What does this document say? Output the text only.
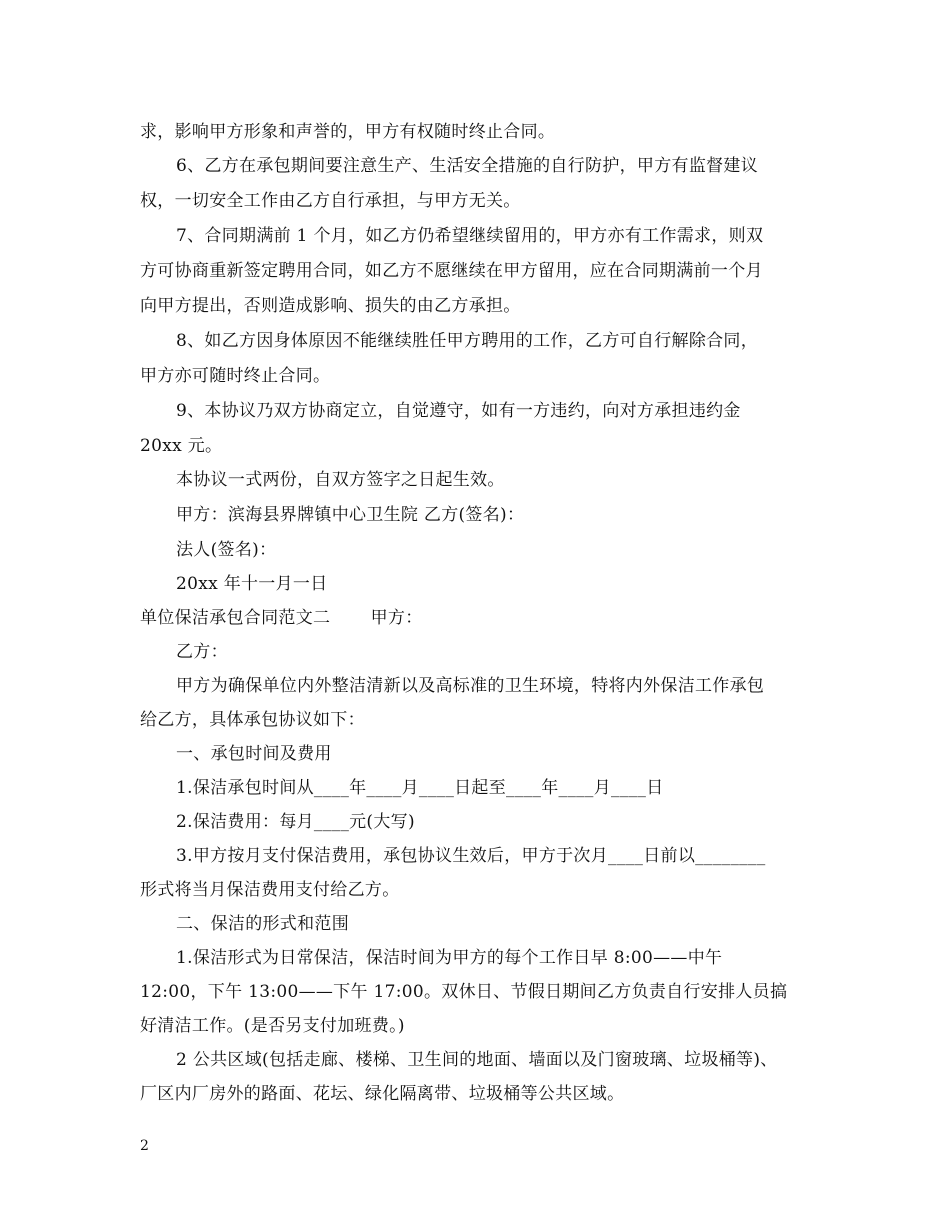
求，影响甲方形象和声誉的，甲方有权随时终止合同。
6、乙方在承包期间要注意生产、生活安全措施的自行防护，甲方有监督建议
权，一切安全工作由乙方自行承担，与甲方无关。
7、合同期满前 1 个月，如乙方仍希望继续留用的，甲方亦有工作需求，则双
方可协商重新签定聘用合同，如乙方不愿继续在甲方留用，应在合同期满前一个月
向甲方提出，否则造成影响、损失的由乙方承担。
8、如乙方因身体原因不能继续胜任甲方聘用的工作，乙方可自行解除合同，
甲方亦可随时终止合同。
9、本协议乃双方协商定立，自觉遵守，如有一方违约，向对方承担违约金
20xx 元。
本协议一式两份，自双方签字之日起生效。
甲方：滨海县界牌镇中心卫生院 乙方(签名)：
法人(签名)：
20xx 年十一月一日
单位保洁承包合同范文二　　 甲方：
乙方：
甲方为确保单位内外整洁清新以及高标准的卫生环境，特将内外保洁工作承包
给乙方，具体承包协议如下：
一、承包时间及费用
1.保洁承包时间从____年____月____日起至____年____月____日
2.保洁费用：每月____元(大写)
3.甲方按月支付保洁费用，承包协议生效后，甲方于次月____日前以________
形式将当月保洁费用支付给乙方。
二、保洁的形式和范围
1.保洁形式为日常保洁，保洁时间为甲方的每个工作日早 8:00——中午
12:00，下午 13:00——下午 17:00。双休日、节假日期间乙方负责自行安排人员搞
好清洁工作。(是否另支付加班费。)
2 公共区域(包括走廊、楼梯、卫生间的地面、墙面以及门窗玻璃、垃圾桶等)、
厂区内厂房外的路面、花坛、绿化隔离带、垃圾桶等公共区域。
2
